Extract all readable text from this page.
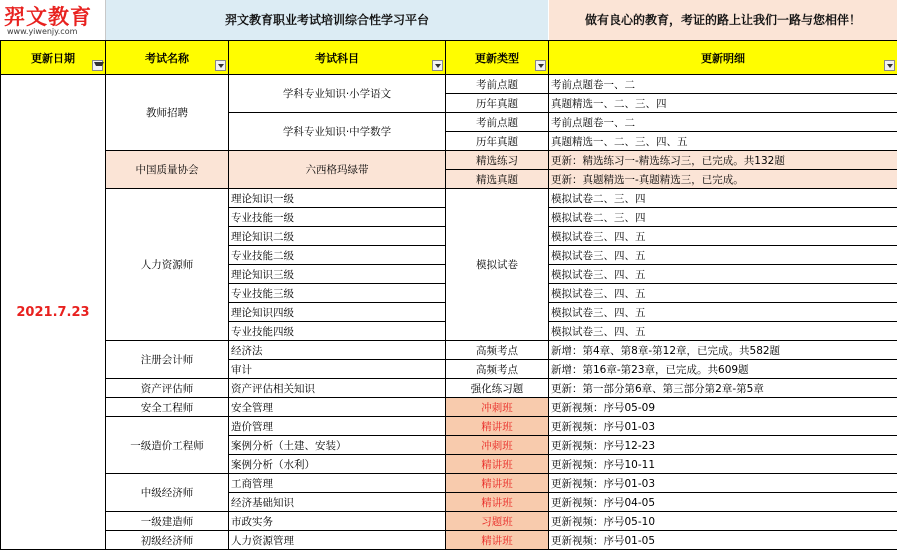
羿文教育
www.yiwenjy.com
羿文教育职业考试培训综合性学习平台	做有良心的教育，考证的路上让我们一路与您相伴！
更新日期	考试名称	考试科目	更新类型	更新明细

2021.7.23	教师招聘	学科专业知识·小学语文	考前点题	考前点题卷一、二
			历年真题	真题精选一、二、三、四
		学科专业知识·中学数学	考前点题	考前点题卷一、二
			历年真题	真题精选一、二、三、四、五
	中国质量协会	六西格玛绿带	精选练习	更新：精选练习一-精选练习三，已完成。共132题
			精选真题	更新：真题精选一-真题精选三，已完成。
	人力资源师	理论知识一级	模拟试卷	模拟试卷二、三、四
		专业技能一级		模拟试卷二、三、四
		理论知识二级		模拟试卷三、四、五
		专业技能二级		模拟试卷三、四、五
		理论知识三级		模拟试卷三、四、五
		专业技能三级		模拟试卷三、四、五
		理论知识四级		模拟试卷三、四、五
		专业技能四级		模拟试卷三、四、五
	注册会计师	经济法	高频考点	新增：第4章、第8章-第12章，已完成。共582题
		审计	高频考点	新增：第16章-第23章，已完成。共609题
	资产评估师	资产评估相关知识	强化练习题	更新：第一部分第6章、第三部分第2章-第5章
	安全工程师	安全管理	冲刺班	更新视频：序号05-09
	一级造价工程师	造价管理	精讲班	更新视频：序号01-03
		案例分析（土建、安装）	冲刺班	更新视频：序号12-23
		案例分析（水利）	精讲班	更新视频：序号10-11
	中级经济师	工商管理	精讲班	更新视频：序号01-03
		经济基础知识	精讲班	更新视频：序号04-05
	一级建造师	市政实务	习题班	更新视频：序号05-10
	初级经济师	人力资源管理	精讲班	更新视频：序号01-05
